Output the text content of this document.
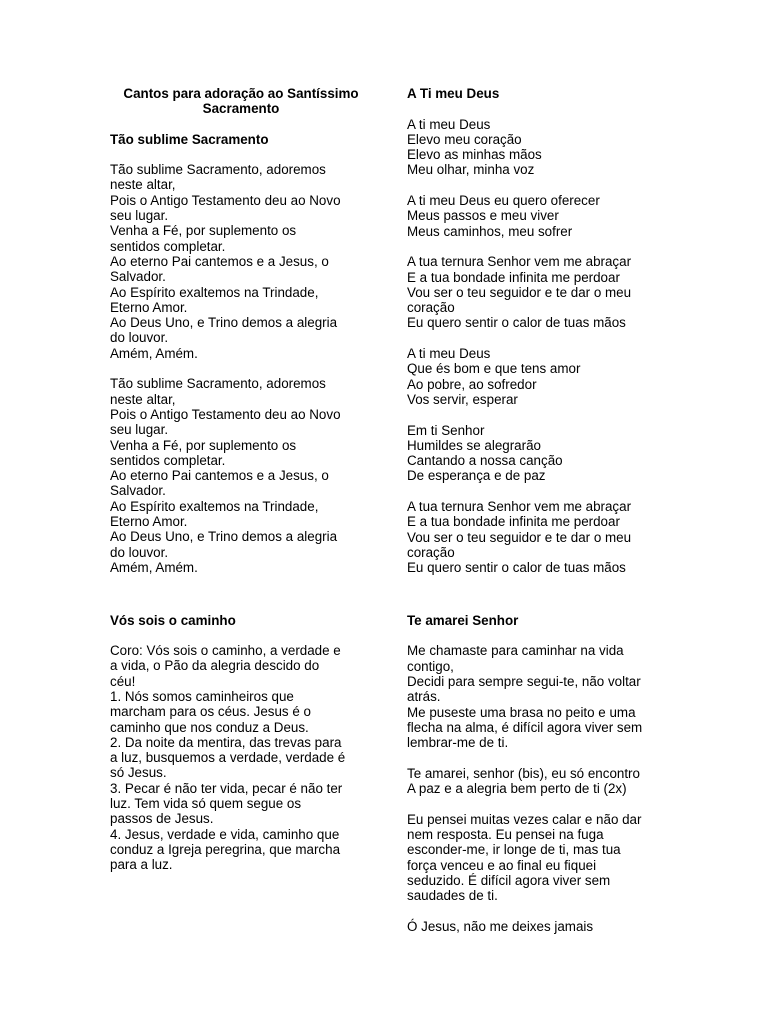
Cantos para adoração ao Santíssimo
Sacramento
Tão sublime Sacramento
Tão sublime Sacramento, adoremos
neste altar,
Pois o Antigo Testamento deu ao Novo
seu lugar.
Venha a Fé, por suplemento os
sentidos completar.
Ao eterno Pai cantemos e a Jesus, o
Salvador.
Ao Espírito exaltemos na Trindade,
Eterno Amor.
Ao Deus Uno, e Trino demos a alegria
do louvor.
Amém, Amém.
Tão sublime Sacramento, adoremos
neste altar,
Pois o Antigo Testamento deu ao Novo
seu lugar.
Venha a Fé, por suplemento os
sentidos completar.
Ao eterno Pai cantemos e a Jesus, o
Salvador.
Ao Espírito exaltemos na Trindade,
Eterno Amor.
Ao Deus Uno, e Trino demos a alegria
do louvor.
Amém, Amém.
Vós sois o caminho
Coro: Vós sois o caminho, a verdade e
a vida, o Pão da alegria descido do
céu!
1. Nós somos caminheiros que
marcham para os céus. Jesus é o
caminho que nos conduz a Deus.
2. Da noite da mentira, das trevas para
a luz, busquemos a verdade, verdade é
só Jesus.
3. Pecar é não ter vida, pecar é não ter
luz. Tem vida só quem segue os
passos de Jesus.
4. Jesus, verdade e vida, caminho que
conduz a Igreja peregrina, que marcha
para a luz.
A Ti meu Deus
A ti meu Deus
Elevo meu coração
Elevo as minhas mãos
Meu olhar, minha voz
A ti meu Deus eu quero oferecer
Meus passos e meu viver
Meus caminhos, meu sofrer
A tua ternura Senhor vem me abraçar
E a tua bondade infinita me perdoar
Vou ser o teu seguidor e te dar o meu
coração
Eu quero sentir o calor de tuas mãos
A ti meu Deus
Que és bom e que tens amor
Ao pobre, ao sofredor
Vos servir, esperar
Em ti Senhor
Humildes se alegrarão
Cantando a nossa canção
De esperança e de paz
A tua ternura Senhor vem me abraçar
E a tua bondade infinita me perdoar
Vou ser o teu seguidor e te dar o meu
coração
Eu quero sentir o calor de tuas mãos
Te amarei Senhor
Me chamaste para caminhar na vida
contigo,
Decidi para sempre segui-te, não voltar
atrás.
Me puseste uma brasa no peito e uma
flecha na alma, é difícil agora viver sem
lembrar-me de ti.
Te amarei, senhor (bis), eu só encontro
A paz e a alegria bem perto de ti (2x)
Eu pensei muitas vezes calar e não dar
nem resposta. Eu pensei na fuga
esconder-me, ir longe de ti, mas tua
força venceu e ao final eu fiquei
seduzido. É difícil agora viver sem
saudades de ti.
Ó Jesus, não me deixes jamais
